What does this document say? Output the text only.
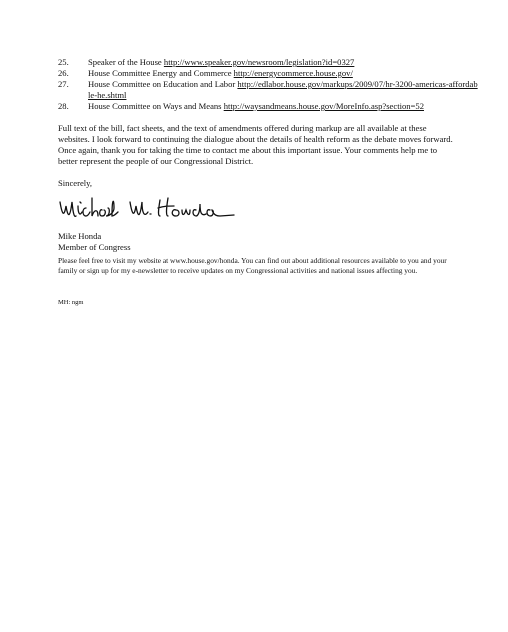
25.	Speaker of the House http://www.speaker.gov/newsroom/legislation?id=0327
26.	House Committee Energy and Commerce http://energycommerce.house.gov/
27.	House Committee on Education and Labor http://edlabor.house.gov/markups/2009/07/hr-3200-americas-affordable-he.shtml
28.	House Committee on Ways and Means http://waysandmeans.house.gov/MoreInfo.asp?section=52
Full text of the bill, fact sheets, and the text of amendments offered during markup are all available at these websites. I look forward to continuing the dialogue about the details of health reform as the debate moves forward. Once again, thank you for taking the time to contact me about this important issue. Your comments help me to better represent the people of our Congressional District.
Sincerely,
Mike Honda
Member of Congress
Please feel free to visit my website at www.house.gov/honda. You can find out about additional resources available to you and your family or sign up for my e-newsletter to receive updates on my Congressional activities and national issues affecting you.
MH: ngm
